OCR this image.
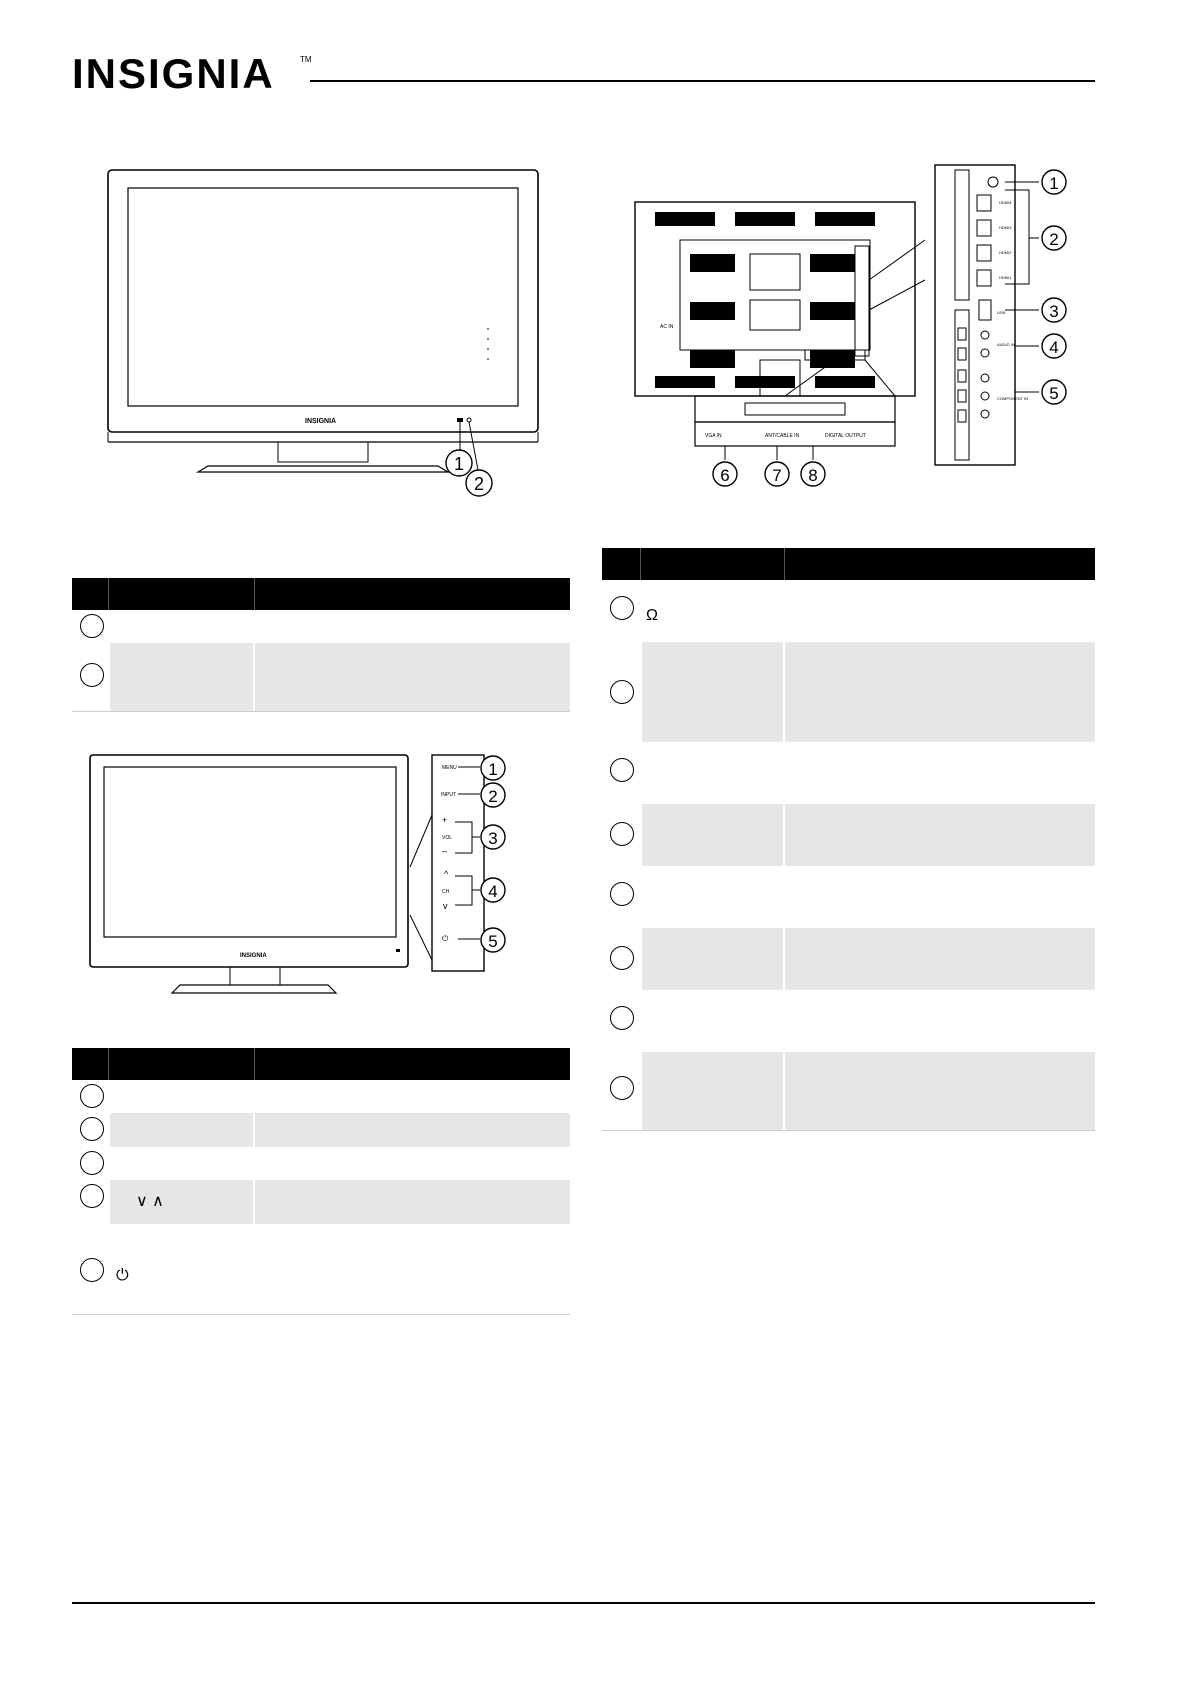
INSIGNIA	TM
INSIGNIA
1
2
INSIGNIA
MENU
INPUT
+
VOL
–
^
CH
v
⏻
1
2
3
4
5
∨ ∧
⏻
AC IN
VGA IN	ANT/CABLE IN	DIGITAL OUTPUT
HDMI4
HDMI3
HDMI2
HDMI1
USB
AUDIO IN
COMPONENT IN
1
2
3
4
5
6	7 8
Ω
